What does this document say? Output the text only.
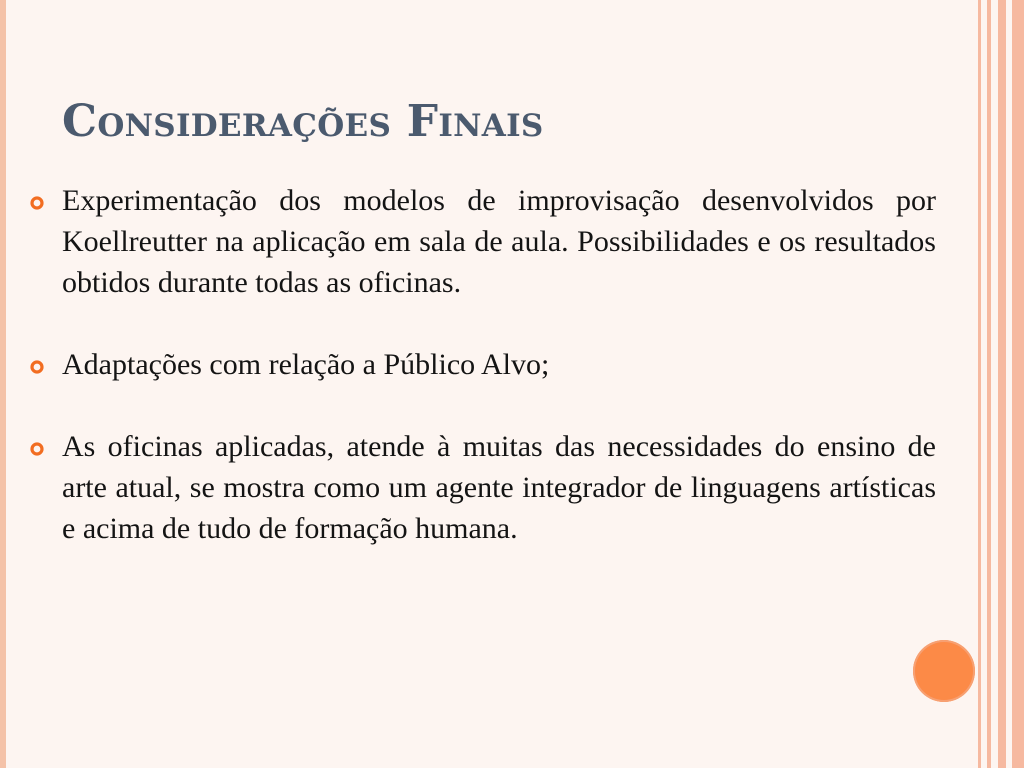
Considerações Finais
Experimentação dos modelos de improvisação desenvolvidos por Koellreutter na aplicação em sala de aula. Possibilidades e os resultados obtidos durante todas as oficinas.
Adaptações com relação a Público Alvo;
As oficinas aplicadas, atende à muitas das necessidades do ensino de arte atual, se mostra como um agente integrador de linguagens artísticas e acima de tudo de formação humana.
